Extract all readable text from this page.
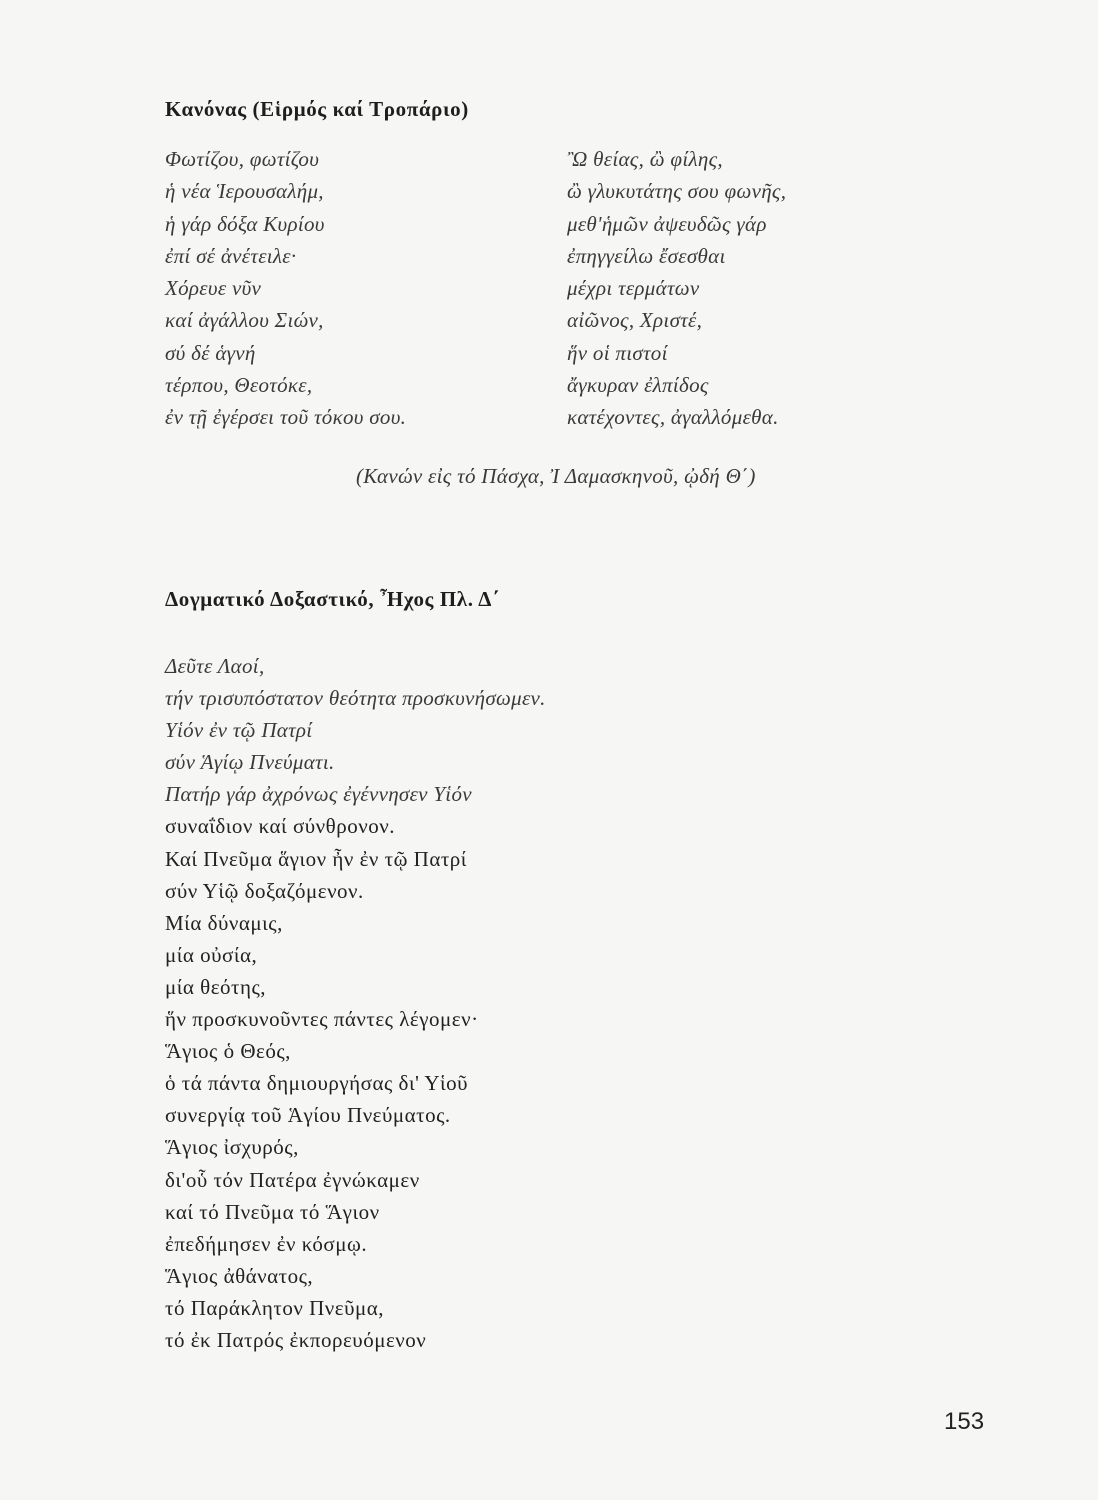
Κανόνας (Εἱρμός καί Τροπάριο)
Φωτίζου, φωτίζου
ἡ νέα Ἱερουσαλήμ,
ἡ γάρ δόξα Κυρίου
ἐπί σέ ἀνέτειλε·
Χόρευε νῦν
καί ἀγάλλου Σιών,
σύ δέ ἁγνή
τέρπου, Θεοτόκε,
ἐν τῇ ἐγέρσει τοῦ τόκου σου.
Ὢ θείας, ὢ φίλης,
ὢ γλυκυτάτης σου φωνῆς,
μεθ'ἡμῶν ἀψευδῶς γάρ
ἐπηγγείλω ἔσεσθαι
μέχρι τερμάτων
αἰῶνος, Χριστέ,
ἥν οἱ πιστοί
ἄγκυραν ἐλπίδος
κατέχοντες, ἀγαλλόμεθα.

(Κανών εἰς τό Πάσχα, Ἰ Δαμασκηνοῦ, ᾠδή Θ΄)

Δογματικό Δοξαστικό, Ἦχος Πλ. Δ΄
Δεῦτε Λαοί,
τήν τρισυπόστατον θεότητα προσκυνήσωμεν.
Υἱόν ἐν τῷ Πατρί
σύν Ἁγίῳ Πνεύματι.
Πατήρ γάρ ἀχρόνως ἐγέννησεν Υἱόν
συναΐδιον καί σύνθρονον.
Καί Πνεῦμα ἅγιον ἦν ἐν τῷ Πατρί
σύν Υἱῷ δοξαζόμενον.
Μία δύναμις,
μία οὐσία,
μία θεότης,
ἥν προσκυνοῦντες πάντες λέγομεν·
Ἅγιος ὁ Θεός,
ὁ τά πάντα δημιουργήσας δι' Υἱοῦ
συνεργίᾳ τοῦ Ἁγίου Πνεύματος.
Ἅγιος ἰσχυρός,
δι'οὗ τόν Πατέρα ἐγνώκαμεν
καί τό Πνεῦμα τό Ἅγιον
ἐπεδήμησεν ἐν κόσμῳ.
Ἅγιος ἀθάνατος,
τό Παράκλητον Πνεῦμα,
τό ἐκ Πατρός ἐκπορευόμενον

153
